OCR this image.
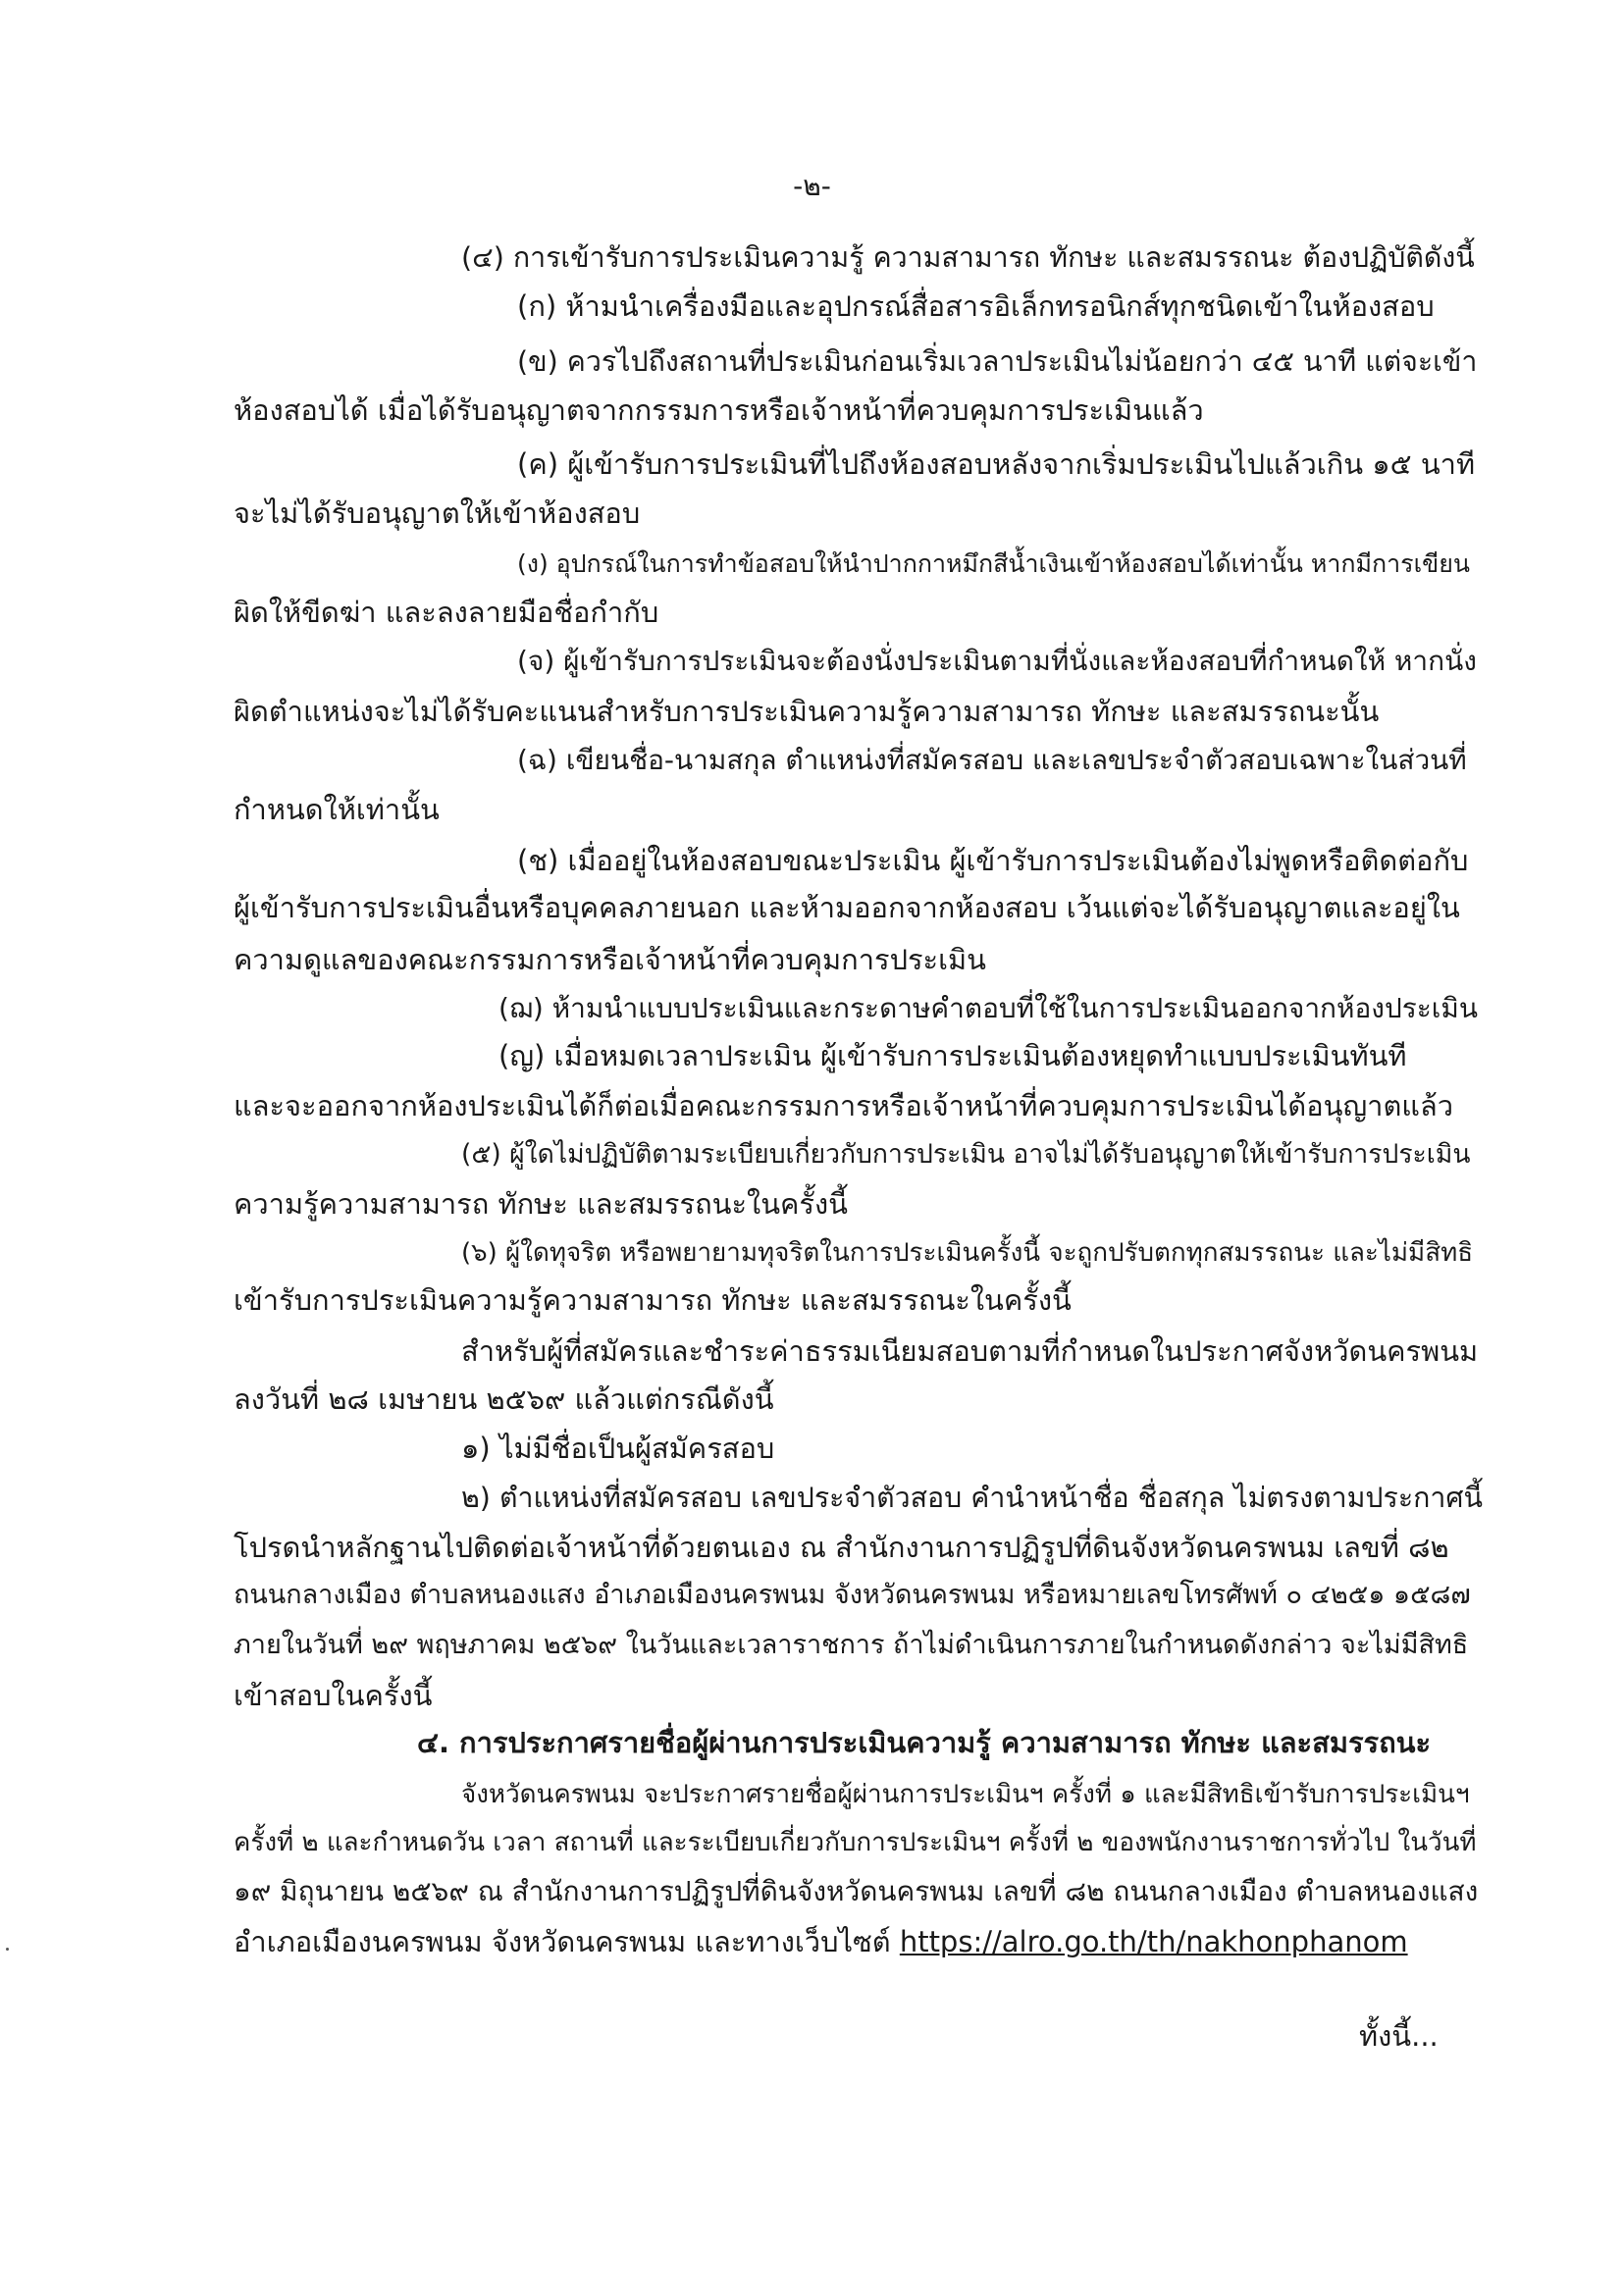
-๒-
(๔) การเข้ารับการประเมินความรู้ ความสามารถ ทักษะ และสมรรถนะ ต้องปฏิบัติดังนี้
(ก) ห้ามนำเครื่องมือและอุปกรณ์สื่อสารอิเล็กทรอนิกส์ทุกชนิดเข้าในห้องสอบ
(ข) ควรไปถึงสถานที่ประเมินก่อนเริ่มเวลาประเมินไม่น้อยกว่า ๔๕ นาที แต่จะเข้า
ห้องสอบได้ เมื่อได้รับอนุญาตจากกรรมการหรือเจ้าหน้าที่ควบคุมการประเมินแล้ว
(ค) ผู้เข้ารับการประเมินที่ไปถึงห้องสอบหลังจากเริ่มประเมินไปแล้วเกิน ๑๕ นาที
จะไม่ได้รับอนุญาตให้เข้าห้องสอบ
(ง) อุปกรณ์ในการทำข้อสอบให้นำปากกาหมึกสีน้ำเงินเข้าห้องสอบได้เท่านั้น หากมีการเขียน
ผิดให้ขีดฆ่า และลงลายมือชื่อกำกับ
(จ) ผู้เข้ารับการประเมินจะต้องนั่งประเมินตามที่นั่งและห้องสอบที่กำหนดให้ หากนั่ง
ผิดตำแหน่งจะไม่ได้รับคะแนนสำหรับการประเมินความรู้ความสามารถ ทักษะ และสมรรถนะนั้น
(ฉ) เขียนชื่อ-นามสกุล ตำแหน่งที่สมัครสอบ และเลขประจำตัวสอบเฉพาะในส่วนที่
กำหนดให้เท่านั้น
(ช) เมื่ออยู่ในห้องสอบขณะประเมิน ผู้เข้ารับการประเมินต้องไม่พูดหรือติดต่อกับ
ผู้เข้ารับการประเมินอื่นหรือบุคคลภายนอก และห้ามออกจากห้องสอบ เว้นแต่จะได้รับอนุญาตและอยู่ใน
ความดูแลของคณะกรรมการหรือเจ้าหน้าที่ควบคุมการประเมิน
(ฌ) ห้ามนำแบบประเมินและกระดาษคำตอบที่ใช้ในการประเมินออกจากห้องประเมิน
(ญ) เมื่อหมดเวลาประเมิน ผู้เข้ารับการประเมินต้องหยุดทำแบบประเมินทันที
และจะออกจากห้องประเมินได้ก็ต่อเมื่อคณะกรรมการหรือเจ้าหน้าที่ควบคุมการประเมินได้อนุญาตแล้ว
(๕) ผู้ใดไม่ปฏิบัติตามระเบียบเกี่ยวกับการประเมิน อาจไม่ได้รับอนุญาตให้เข้ารับการประเมิน
ความรู้ความสามารถ ทักษะ และสมรรถนะในครั้งนี้
(๖) ผู้ใดทุจริต หรือพยายามทุจริตในการประเมินครั้งนี้ จะถูกปรับตกทุกสมรรถนะ และไม่มีสิทธิ
เข้ารับการประเมินความรู้ความสามารถ ทักษะ และสมรรถนะในครั้งนี้
สำหรับผู้ที่สมัครและชำระค่าธรรมเนียมสอบตามที่กำหนดในประกาศจังหวัดนครพนม
ลงวันที่ ๒๘ เมษายน ๒๕๖๙ แล้วแต่กรณีดังนี้
๑) ไม่มีชื่อเป็นผู้สมัครสอบ
๒) ตำแหน่งที่สมัครสอบ เลขประจำตัวสอบ คำนำหน้าชื่อ ชื่อสกุล ไม่ตรงตามประกาศนี้
โปรดนำหลักฐานไปติดต่อเจ้าหน้าที่ด้วยตนเอง ณ สำนักงานการปฏิรูปที่ดินจังหวัดนครพนม เลขที่ ๘๒
ถนนกลางเมือง ตำบลหนองแสง อำเภอเมืองนครพนม จังหวัดนครพนม หรือหมายเลขโทรศัพท์ ๐ ๔๒๕๑ ๑๕๘๗
ภายในวันที่ ๒๙ พฤษภาคม ๒๕๖๙ ในวันและเวลาราชการ ถ้าไม่ดำเนินการภายในกำหนดดังกล่าว จะไม่มีสิทธิ
เข้าสอบในครั้งนี้
๔. การประกาศรายชื่อผู้ผ่านการประเมินความรู้ ความสามารถ ทักษะ และสมรรถนะ
จังหวัดนครพนม จะประกาศรายชื่อผู้ผ่านการประเมินฯ ครั้งที่ ๑ และมีสิทธิเข้ารับการประเมินฯ
ครั้งที่ ๒ และกำหนดวัน เวลา สถานที่ และระเบียบเกี่ยวกับการประเมินฯ ครั้งที่ ๒ ของพนักงานราชการทั่วไป ในวันที่
๑๙ มิถุนายน ๒๕๖๙ ณ สำนักงานการปฏิรูปที่ดินจังหวัดนครพนม เลขที่ ๘๒ ถนนกลางเมือง ตำบลหนองแสง
อำเภอเมืองนครพนม จังหวัดนครพนม และทางเว็บไซต์ https://alro.go.th/th/nakhonphanom
ทั้งนี้...
